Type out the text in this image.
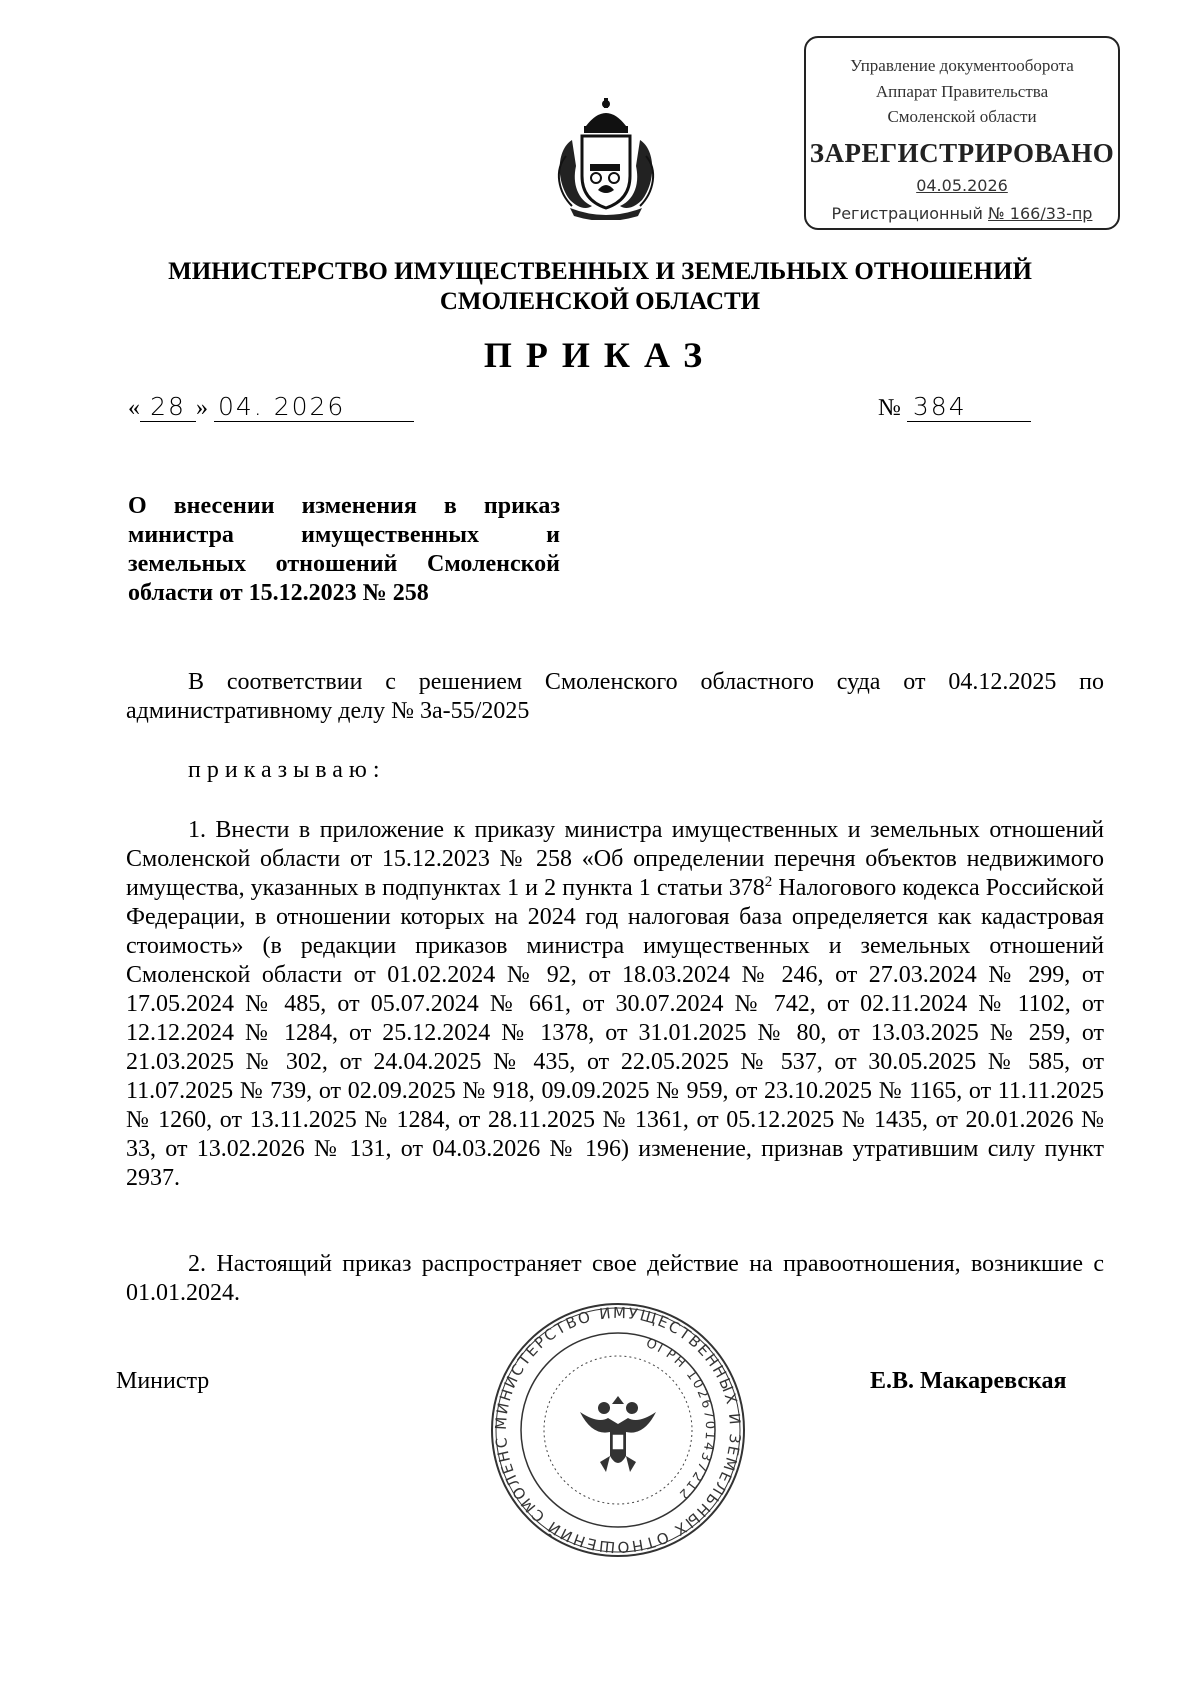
Управление документооборота
Аппарат Правительства
Смоленской области
ЗАРЕГИСТРИРОВАНО
04.05.2026
Регистрационный № 166/33-пр
МИНИСТЕРСТВО ИМУЩЕСТВЕННЫХ И ЗЕМЕЛЬНЫХ ОТНОШЕНИЙ
СМОЛЕНСКОЙ ОБЛАСТИ
ПРИКАЗ
« 28 » 04. 2026	№ 384
О внесении изменения в приказ
министра имущественных и
земельных отношений Смоленской
области от 15.12.2023 № 258
В соответствии с решением Смоленского областного суда от 04.12.2025 по административному делу № 3а-55/2025
приказываю:
1. Внести в приложение к приказу министра имущественных и земельных отношений Смоленской области от 15.12.2023 № 258 «Об определении перечня объектов недвижимого имущества, указанных в подпунктах 1 и 2 пункта 1 статьи $378^2$ Налогового кодекса Российской Федерации, в отношении которых на 2024 год налоговая база определяется как кадастровая стоимость» (в редакции приказов министра имущественных и земельных отношений Смоленской области от 01.02.2024 № 92, от 18.03.2024 № 246, от 27.03.2024 № 299, от 17.05.2024 № 485, от 05.07.2024 № 661, от 30.07.2024 № 742, от 02.11.2024 № 1102, от 12.12.2024 № 1284, от 25.12.2024 № 1378, от 31.01.2025 № 80, от 13.03.2025 № 259, от 21.03.2025 № 302, от 24.04.2025 № 435, от 22.05.2025 № 537, от 30.05.2025 № 585, от 11.07.2025 № 739, от 02.09.2025 № 918, 09.09.2025 № 959, от 23.10.2025 № 1165, от 11.11.2025 № 1260, от 13.11.2025 № 1284, от 28.11.2025 № 1361, от 05.12.2025 № 1435, от 20.01.2026 № 33, от 13.02.2026 № 131, от 04.03.2026 № 196) изменение, признав утратившим силу пункт 2937.
2. Настоящий приказ распространяет свое действие на правоотношения, возникшие с 01.01.2024.
Министр	Е.В. Макаревская
МИНИСТЕРСТВО ИМУЩЕСТВЕННЫХ И ЗЕМЕЛЬНЫХ ОТНОШЕНИЙ СМОЛЕНС
ОГРН 1026701437212
